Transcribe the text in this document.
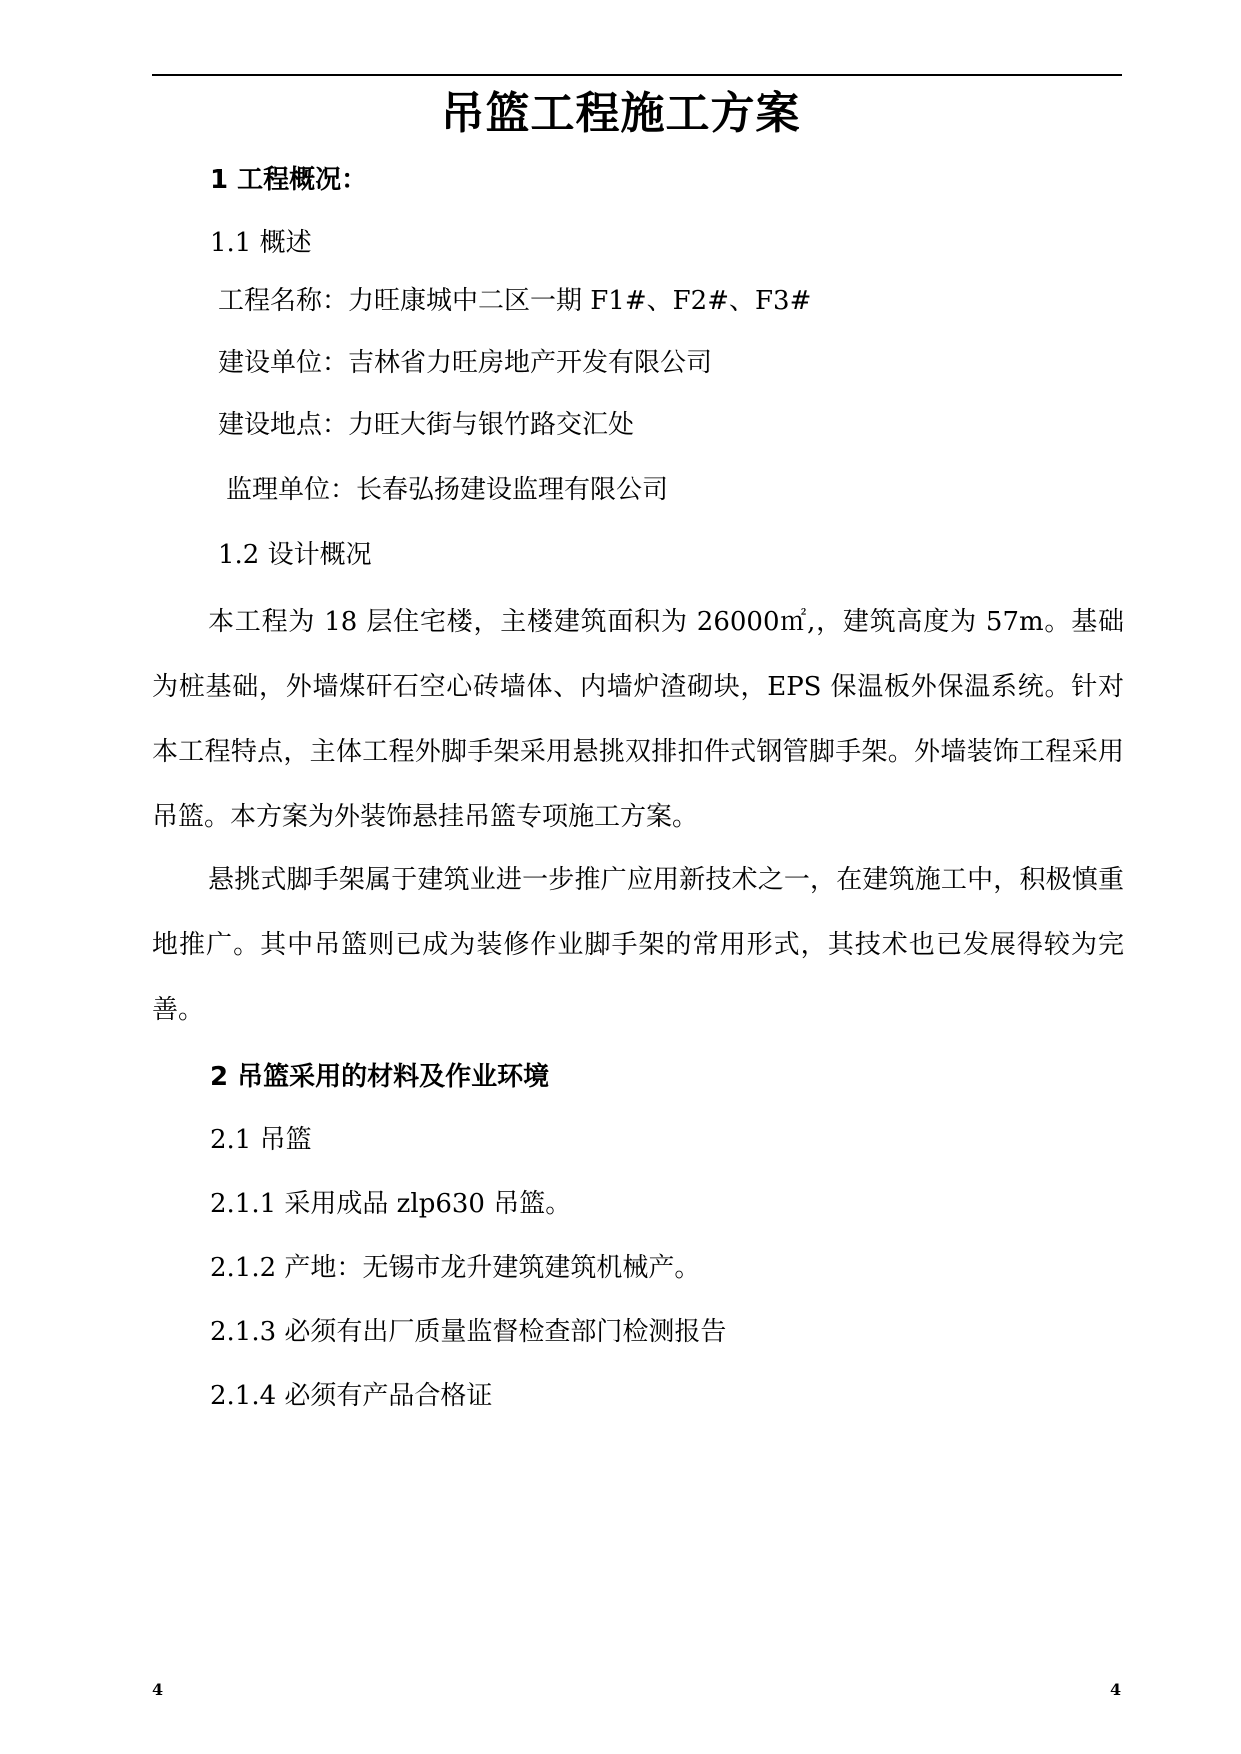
吊篮工程施工方案
1 工程概况：
1.1 概述
工程名称：力旺康城中二区一期 F1#、F2#、F3#
建设单位：吉林省力旺房地产开发有限公司
建设地点：力旺大街与银竹路交汇处
监理单位：长春弘扬建设监理有限公司
1.2 设计概况
本工程为 18 层住宅楼，主楼建筑面积为 26000㎡,，建筑高度为 57m。基础为桩基础，外墙煤矸石空心砖墙体、内墙炉渣砌块，EPS 保温板外保温系统。针对本工程特点，主体工程外脚手架采用悬挑双排扣件式钢管脚手架。外墙装饰工程采用吊篮。本方案为外装饰悬挂吊篮专项施工方案。
悬挑式脚手架属于建筑业进一步推广应用新技术之一，在建筑施工中，积极慎重地推广。其中吊篮则已成为装修作业脚手架的常用形式，其技术也已发展得较为完善。
2 吊篮采用的材料及作业环境
2.1 吊篮
2.1.1 采用成品 zlp630 吊篮。
2.1.2 产地：无锡市龙升建筑建筑机械产。
2.1.3 必须有出厂质量监督检查部门检测报告
2.1.4 必须有产品合格证
4	4
